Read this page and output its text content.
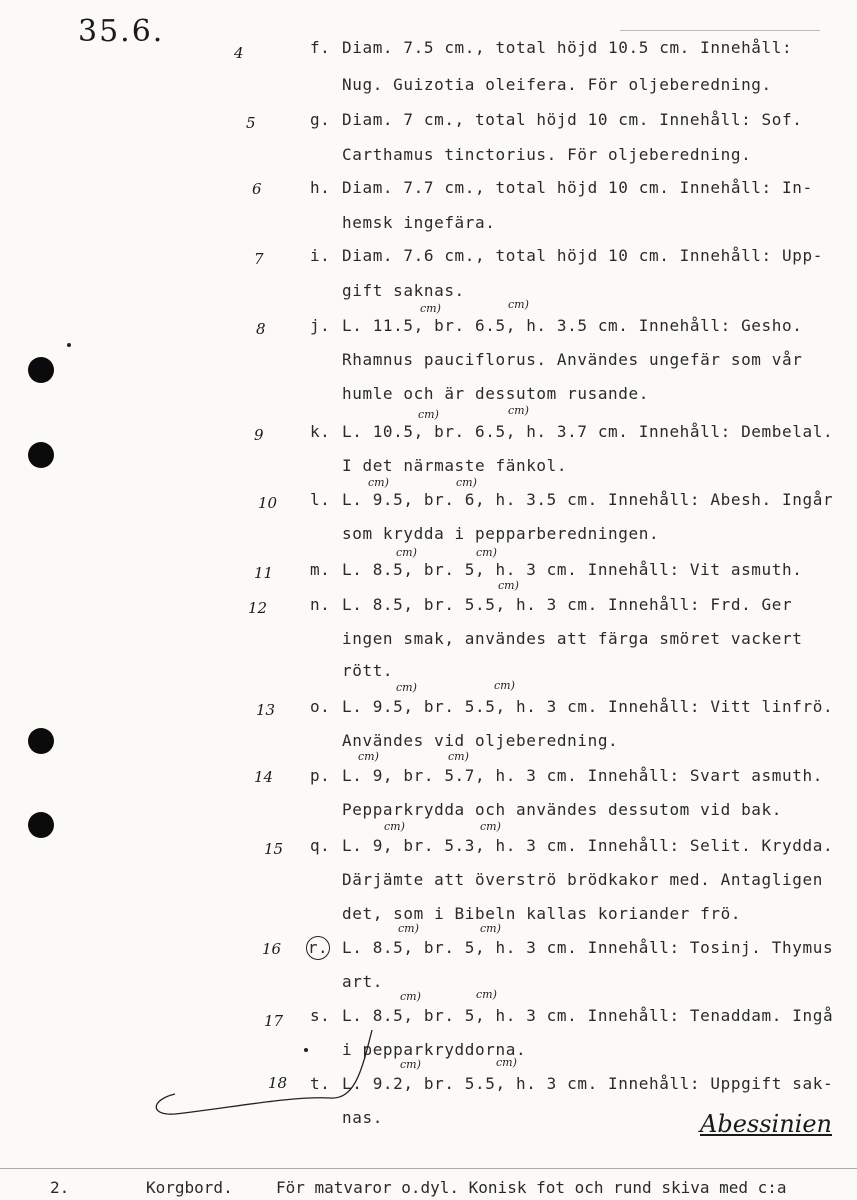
35.6.
4	f. Diam. 7.5 cm., total höjd 10.5 cm. Innehåll:
Nug. Guizotia oleifera. För oljeberedning.
5	g. Diam. 7 cm., total höjd 10 cm. Innehåll: Sof.
Carthamus tinctorius. För oljeberedning.
6	h. Diam. 7.7 cm., total höjd 10 cm. Innehåll: In-
hemsk ingefära.
7	i. Diam. 7.6 cm., total höjd 10 cm. Innehåll: Upp-
gift saknas.
cm)	cm)
8	j. L. 11.5, br. 6.5, h. 3.5 cm. Innehåll: Gesho.
Rhamnus pauciflorus. Användes ungefär som vår
humle och är dessutom rusande.
cm)	cm)
9	k. L. 10.5, br. 6.5, h. 3.7 cm. Innehåll: Dembelal.
I det närmaste fänkol.
cm)	cm)
10 l. L. 9.5, br. 6, h. 3.5 cm. Innehåll: Abesh. Ingår
som krydda i pepparberedningen.
cm)	cm)
11 m. L. 8.5, br. 5, h. 3 cm. Innehåll: Vit asmuth.
cm)
12	n. L. 8.5, br. 5.5, h. 3 cm. Innehåll: Frd. Ger
ingen smak, användes att färga smöret vackert
rött.
cm)	cm)
13 o. L. 9.5, br. 5.5, h. 3 cm. Innehåll: Vitt linfrö.
Användes vid oljeberedning.
cm)	cm)
14 p. L. 9, br. 5.7, h. 3 cm. Innehåll: Svart asmuth.
Pepparkrydda och användes dessutom vid bak.
cm)	cm)
15 q. L. 9, br. 5.3, h. 3 cm. Innehåll: Selit. Krydda.
Därjämte att överströ brödkakor med. Antagligen
det, som i Bibeln kallas koriander frö.
cm)	cm)
16 r. L. 8.5, br. 5, h. 3 cm. Innehåll: Tosinj. Thymus
art.
cm)	cm)
17 s. L. 8.5, br. 5, h. 3 cm. Innehåll: Tenaddam. Ingå
i pepparkryddorna.
cm)	cm)
18 t. L. 9.2, br. 5.5, h. 3 cm. Innehåll: Uppgift sak-
nas.	Abessinien
2.	Korgbord.	För matvaror o.dyl. Konisk fot och rund skiva med c:a
